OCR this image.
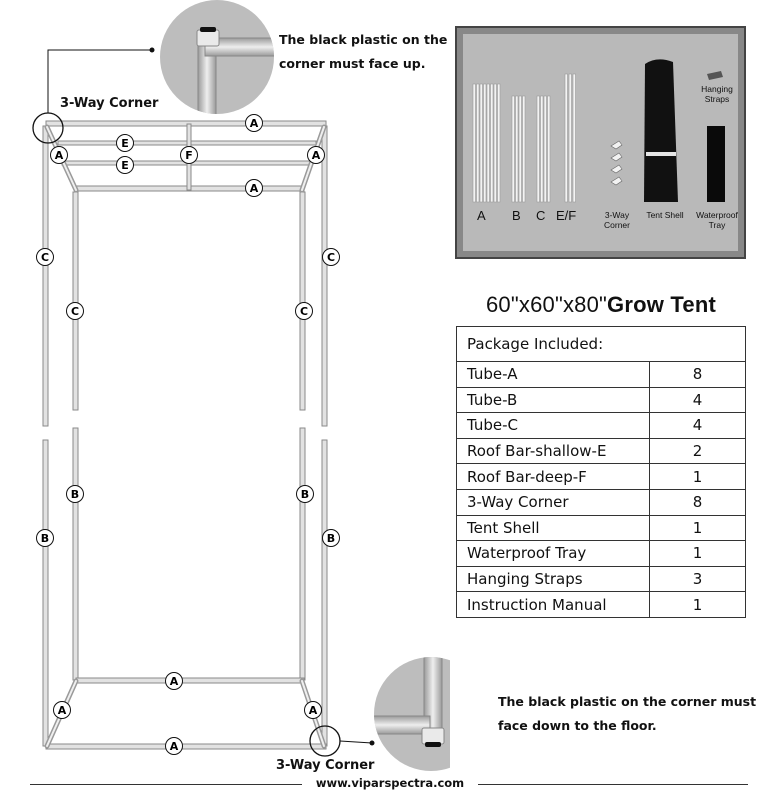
A
E
E
F
A	A
A
C	C
C	C
B	B
B	B
A
A	A
A
The black plastic on the
corner must face up.
3-Way Corner
The black plastic on the corner must
face down to the floor.
3-Way Corner
A B C E/F	3-Way
Corner
Tent Shell	Waterproof
Tray
Hanging
Straps
60"x60"x80"Grow Tent
Package Included:	
Tube-A	8
Tube-B	4
Tube-C	4
Roof Bar-shallow-E	2
Roof Bar-deep-F	1
3-Way Corner	8
Tent Shell	1
Waterproof Tray	1
Hanging Straps	3
Instruction Manual	1
www.viparspectra.com
